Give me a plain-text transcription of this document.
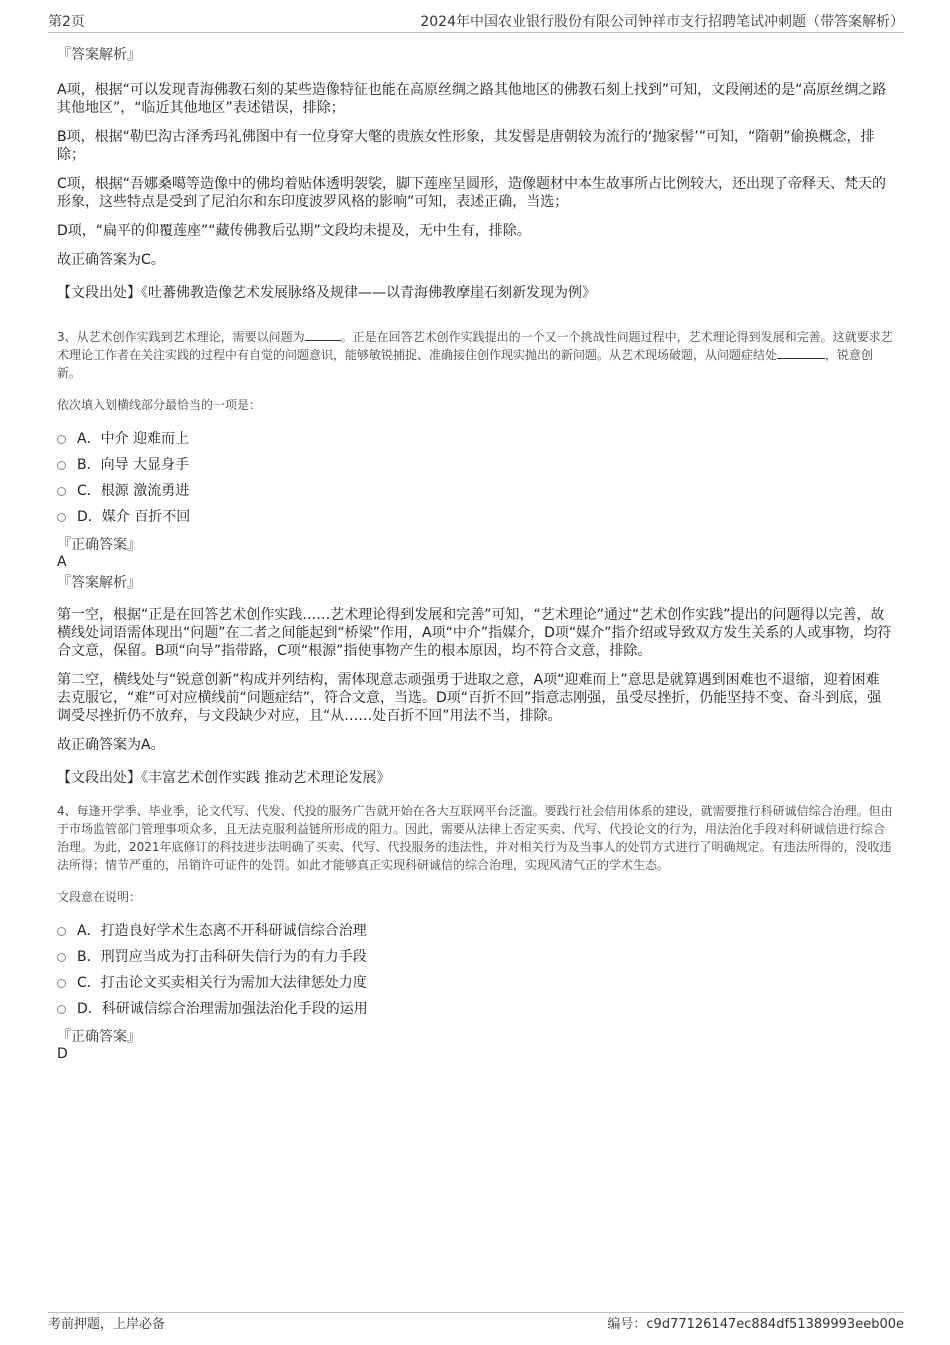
第2页	2024年中国农业银行股份有限公司钟祥市支行招聘笔试冲刺题（带答案解析）
『答案解析』

A项，根据“可以发现青海佛教石刻的某些造像特征也能在高原丝绸之路其他地区的佛教石刻上找到”可知，文段阐述的是“高原丝绸之路其他地区”，“临近其他地区”表述错误，排除；

B项，根据“勒巴沟古泽秀玛礼佛图中有一位身穿大氅的贵族女性形象，其发髻是唐朝较为流行的‘抛家髻’”可知，“隋朝”偷换概念，排除；

C项，根据“吾娜桑噶等造像中的佛均着贴体透明袈裟，脚下莲座呈圆形，造像题材中本生故事所占比例较大，还出现了帝释天、梵天的形象，这些特点是受到了尼泊尔和东印度波罗风格的影响”可知，表述正确，当选；

D项，“扁平的仰覆莲座”“藏传佛教后弘期”文段均未提及，无中生有，排除。

故正确答案为C。

【文段出处】《吐蕃佛教造像艺术发展脉络及规律——以青海佛教摩崖石刻新发现为例》

3、从艺术创作实践到艺术理论，需要以问题为	。正是在回答艺术创作实践提出的一个又一个挑战性问题过程中，艺术理论得到发展和完善。这就要求艺术理论工作者在关注实践的过程中有自觉的问题意识，能够敏锐捕捉、准确接住创作现实抛出的新问题。从艺术现场破题，从问题症结处	，锐意创新。

依次填入划横线部分最恰当的一项是：

A．中介 迎难而上
B．向导 大显身手
C．根源 激流勇进
D．媒介 百折不回
『正确答案』
A
『答案解析』

第一空，根据“正是在回答艺术创作实践……艺术理论得到发展和完善”可知，“艺术理论”通过“艺术创作实践”提出的问题得以完善，故横线处词语需体现出“问题”在二者之间能起到“桥梁”作用，A项“中介”指媒介，D项“媒介”指介绍或导致双方发生关系的人或事物，均符合文意，保留。B项“向导”指带路，C项“根源”指使事物产生的根本原因，均不符合文意，排除。

第二空，横线处与“锐意创新”构成并列结构，需体现意志顽强勇于进取之意，A项“迎难而上”意思是就算遇到困难也不退缩，迎着困难去克服它，“难”可对应横线前“问题症结”，符合文意，当选。D项“百折不回”指意志刚强，虽受尽挫折，仍能坚持不变、奋斗到底，强调受尽挫折仍不放弃，与文段缺少对应，且“从……处百折不回”用法不当，排除。

故正确答案为A。

【文段出处】《丰富艺术创作实践 推动艺术理论发展》

4、每逢开学季、毕业季，论文代写、代发、代投的服务广告就开始在各大互联网平台泛滥。要践行社会信用体系的建设，就需要推行科研诚信综合治理。但由于市场监管部门管理事项众多，且无法克服利益链所形成的阻力。因此，需要从法律上否定买卖、代写、代投论文的行为，用法治化手段对科研诚信进行综合治理。为此，2021年底修订的科技进步法明确了买卖、代写、代投服务的违法性，并对相关行为及当事人的处罚方式进行了明确规定。有违法所得的，没收违法所得；情节严重的，吊销许可证件的处罚。如此才能够真正实现科研诚信的综合治理，实现风清气正的学术生态。

文段意在说明：

A．打造良好学术生态离不开科研诚信综合治理
B．刑罚应当成为打击科研失信行为的有力手段
C．打击论文买卖相关行为需加大法律惩处力度
D．科研诚信综合治理需加强法治化手段的运用
『正确答案』
D
考前押题，上岸必备	编号：c9d77126147ec884df51389993eeb00e
